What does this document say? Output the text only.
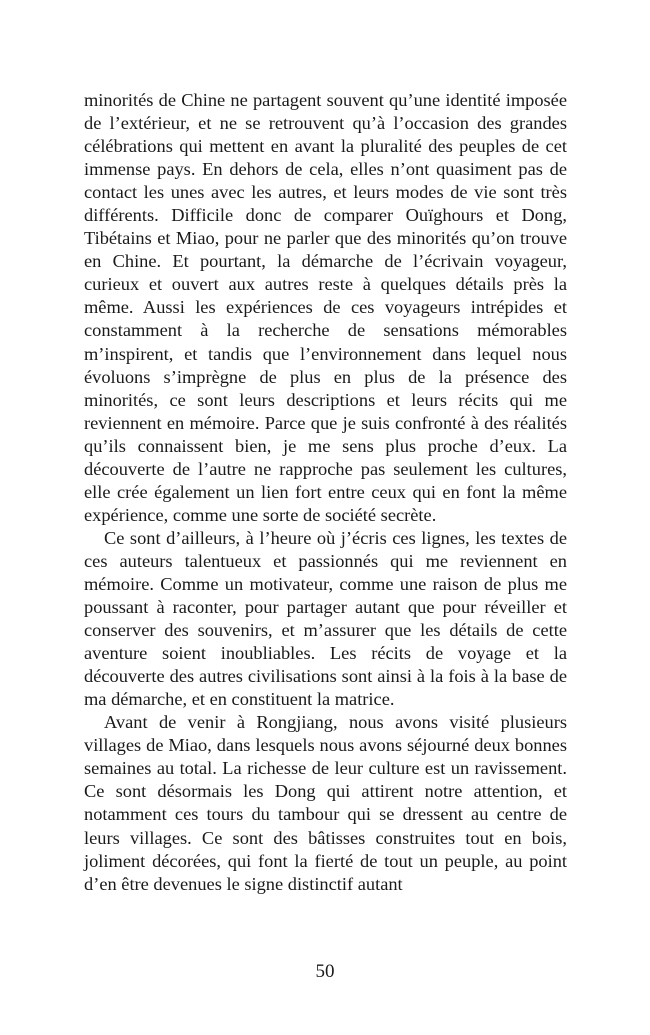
minorités de Chine ne partagent souvent qu’une identité imposée de l’extérieur, et ne se retrouvent qu’à l’occasion des grandes célébrations qui mettent en avant la pluralité des peuples de cet immense pays. En dehors de cela, elles n’ont quasiment pas de contact les unes avec les autres, et leurs modes de vie sont très différents. Difficile donc de comparer Ouïghours et Dong, Tibétains et Miao, pour ne parler que des minorités qu’on trouve en Chine. Et pourtant, la démarche de l’écrivain voyageur, curieux et ouvert aux autres reste à quelques détails près la même. Aussi les expériences de ces voyageurs intrépides et constamment à la recherche de sensations mémorables m’inspirent, et tandis que l’environnement dans lequel nous évoluons s’imprègne de plus en plus de la présence des minorités, ce sont leurs descriptions et leurs récits qui me reviennent en mémoire. Parce que je suis confronté à des réalités qu’ils connaissent bien, je me sens plus proche d’eux. La découverte de l’autre ne rapproche pas seulement les cultures, elle crée également un lien fort entre ceux qui en font la même expérience, comme une sorte de société secrète.

Ce sont d’ailleurs, à l’heure où j’écris ces lignes, les textes de ces auteurs talentueux et passionnés qui me reviennent en mémoire. Comme un motivateur, comme une raison de plus me poussant à raconter, pour partager autant que pour réveiller et conserver des souvenirs, et m’assurer que les détails de cette aventure soient inoubliables. Les récits de voyage et la découverte des autres civilisations sont ainsi à la fois à la base de ma démarche, et en constituent la matrice.

Avant de venir à Rongjiang, nous avons visité plusieurs villages de Miao, dans lesquels nous avons séjourné deux bonnes semaines au total. La richesse de leur culture est un ravissement. Ce sont désormais les Dong qui attirent notre attention, et notamment ces tours du tambour qui se dressent au centre de leurs villages. Ce sont des bâtisses construites tout en bois, joliment décorées, qui font la fierté de tout un peuple, au point d’en être devenues le signe distinctif autant

50
